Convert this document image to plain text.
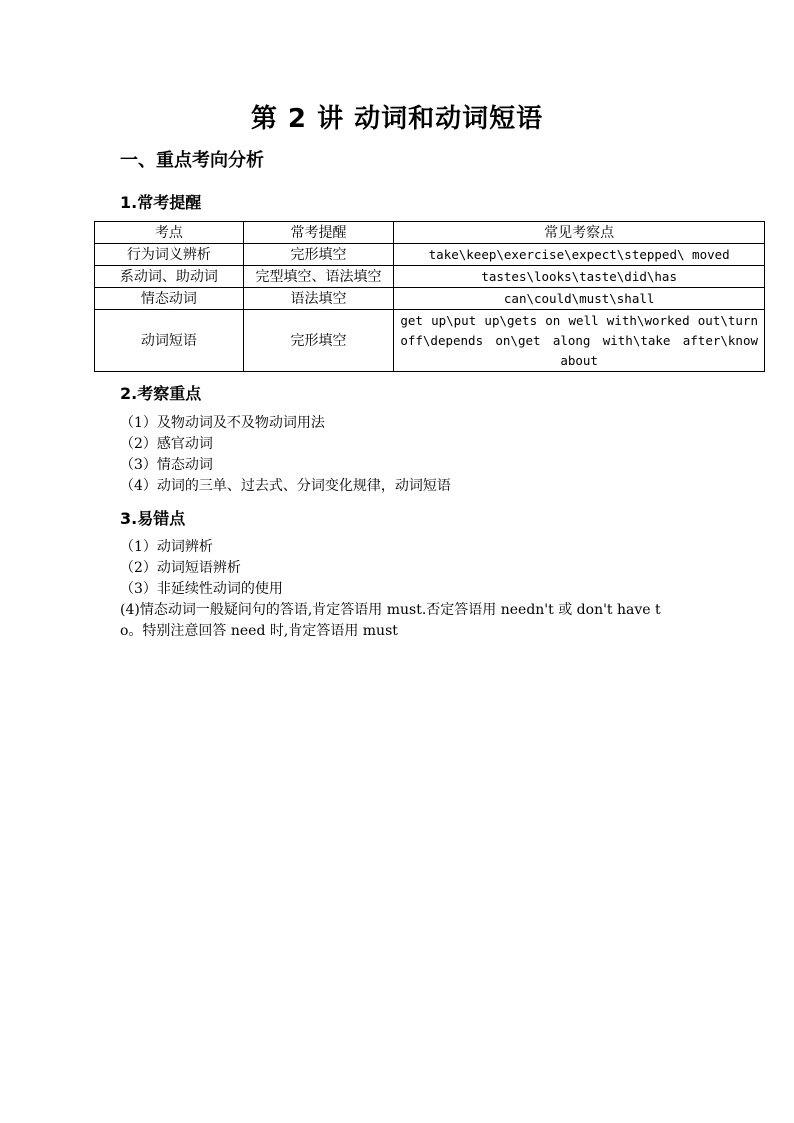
第 2 讲 动词和动词短语
一、重点考向分析
1.常考提醒
考点	常考提醒	常见考察点
行为词义辨析	完形填空	take\keep\exercise\expect\stepped\ moved
系动词、助动词	完型填空、语法填空	tastes\looks\taste\did\has
情态动词	语法填空	can\could\must\shall
动词短语	完形填空	get up\put up\gets on well with\worked out\turn off\depends on\get along with\take after\know about
2.考察重点
（1）及物动词及不及物动词用法
（2）感官动词
（3）情态动词
（4）动词的三单、过去式、分词变化规律，动词短语
3.易错点
（1）动词辨析
（2）动词短语辨析
（3）非延续性动词的使用
(4)情态动词一般疑问句的答语,肯定答语用 must.否定答语用 needn't 或 don't have to。特别注意回答 need 时,肯定答语用 must
